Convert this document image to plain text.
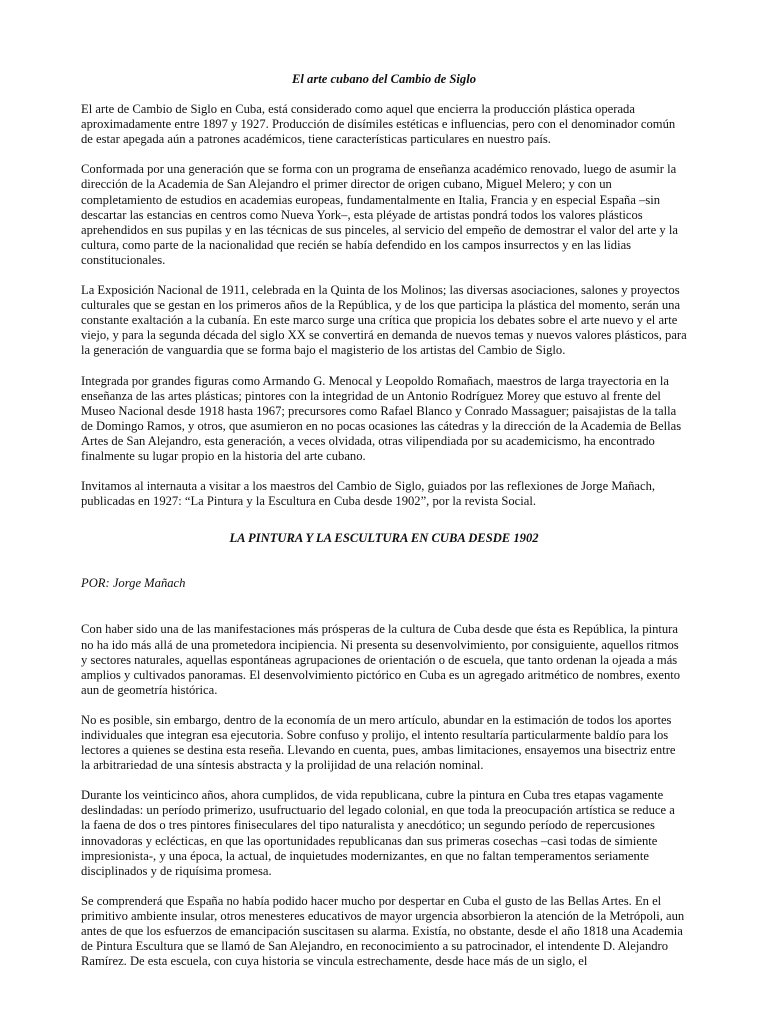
El arte cubano del Cambio de Siglo

El arte de Cambio de Siglo en Cuba, está considerado como aquel que encierra la producción plástica operada aproximadamente entre 1897 y 1927. Producción de disímiles estéticas e influencias, pero con el denominador común de estar apegada aún a patrones académicos, tiene características particulares en nuestro país.

Conformada por una generación que se forma con un programa de enseñanza académico renovado, luego de asumir la dirección de la Academia de San Alejandro el primer director de origen cubano, Miguel Melero; y con un completamiento de estudios en academias europeas, fundamentalmente en Italia, Francia y en especial España –sin descartar las estancias en centros como Nueva York–, esta pléyade de artistas pondrá todos los valores plásticos aprehendidos en sus pupilas y en las técnicas de sus pinceles, al servicio del empeño de demostrar el valor del arte y la cultura, como parte de la nacionalidad que recién se había defendido en los campos insurrectos y en las lidias constitucionales.

La Exposición Nacional de 1911, celebrada en la Quinta de los Molinos; las diversas asociaciones, salones y proyectos culturales que se gestan en los primeros años de la República, y de los que participa la plástica del momento, serán una constante exaltación a la cubanía. En este marco surge una crítica que propicia los debates sobre el arte nuevo y el arte viejo, y para la segunda década del siglo XX se convertirá en demanda de nuevos temas y nuevos valores plásticos, para la generación de vanguardia que se forma bajo el magisterio de los artistas del Cambio de Siglo.

Integrada por grandes figuras como Armando G. Menocal y Leopoldo Romañach, maestros de larga trayectoria en la enseñanza de las artes plásticas; pintores con la integridad de un Antonio Rodríguez Morey que estuvo al frente del Museo Nacional desde 1918 hasta 1967; precursores como Rafael Blanco y Conrado Massaguer; paisajistas de la talla de Domingo Ramos, y otros, que asumieron en no pocas ocasiones las cátedras y la dirección de la Academia de Bellas Artes de San Alejandro, esta generación, a veces olvidada, otras vilipendiada por su academicismo, ha encontrado finalmente su lugar propio en la historia del arte cubano.

Invitamos al internauta a visitar a los maestros del Cambio de Siglo, guiados por las reflexiones de Jorge Mañach, publicadas en 1927: “La Pintura y la Escultura en Cuba desde 1902”, por la revista Social.

LA PINTURA Y LA ESCULTURA EN CUBA DESDE 1902

POR: Jorge Mañach

Con haber sido una de las manifestaciones más prósperas de la cultura de Cuba desde que ésta es República, la pintura no ha ido más allá de una prometedora incipiencia. Ni presenta su desenvolvimiento, por consiguiente, aquellos ritmos y sectores naturales, aquellas espontáneas agrupaciones de orientación o de escuela, que tanto ordenan la ojeada a más amplios y cultivados panoramas. El desenvolvimiento pictórico en Cuba es un agregado aritmético de nombres, exento aun de geometría histórica.

No es posible, sin embargo, dentro de la economía de un mero artículo, abundar en la estimación de todos los aportes individuales que integran esa ejecutoria. Sobre confuso y prolijo, el intento resultaría particularmente baldío para los lectores a quienes se destina esta reseña. Llevando en cuenta, pues, ambas limitaciones, ensayemos una bisectriz entre la arbitrariedad de una síntesis abstracta y la prolijidad de una relación nominal.

Durante los veinticinco años, ahora cumplidos, de vida republicana, cubre la pintura en Cuba tres etapas vagamente deslindadas: un período primerizo, usufructuario del legado colonial, en que toda la preocupación artística se reduce a la faena de dos o tres pintores finiseculares del tipo naturalista y anecdótico; un segundo período de repercusiones innovadoras y eclécticas, en que las oportunidades republicanas dan sus primeras cosechas –casi todas de simiente impresionista-, y una época, la actual, de inquietudes modernizantes, en que no faltan temperamentos seriamente disciplinados y de riquísima promesa.

Se comprenderá que España no había podido hacer mucho por despertar en Cuba el gusto de las Bellas Artes. En el primitivo ambiente insular, otros menesteres educativos de mayor urgencia absorbieron la atención de la Metrópoli, aun antes de que los esfuerzos de emancipación suscitasen su alarma. Existía, no obstante, desde el año 1818 una Academia de Pintura Escultura que se llamó de San Alejandro, en reconocimiento a su patrocinador, el intendente D. Alejandro Ramírez. De esta escuela, con cuya historia se vincula estrechamente, desde hace más de un siglo, el
